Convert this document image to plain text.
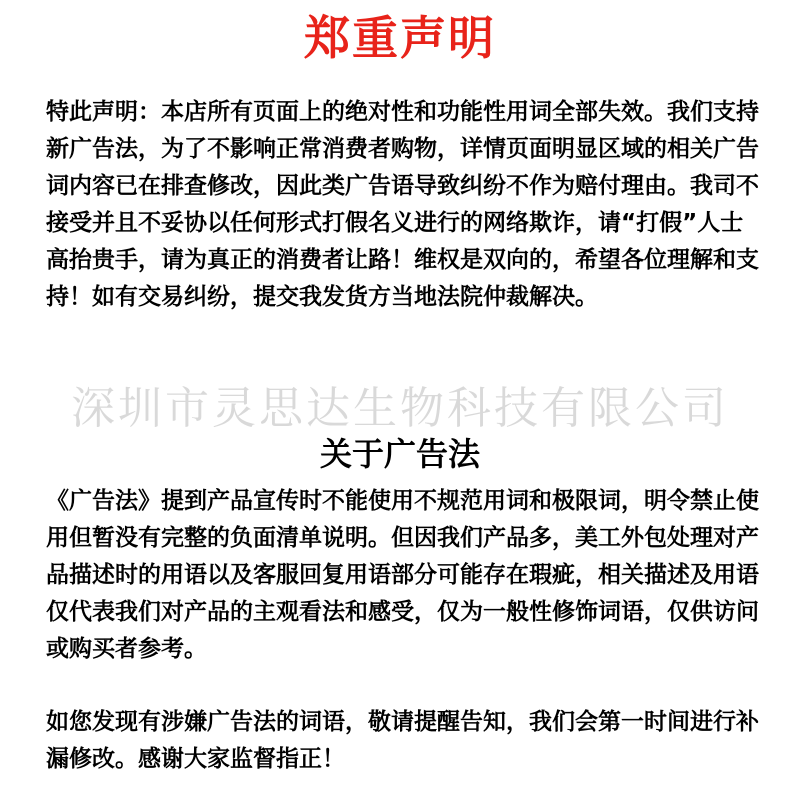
郑重声明

特此声明：本店所有页面上的绝对性和功能性用词全部失效。我们支持新广告法，为了不影响正常消费者购物，详情页面明显区域的相关广告词内容已在排查修改，因此类广告语导致纠纷不作为赔付理由。我司不接受并且不妥协以任何形式打假名义进行的网络欺诈，请“打假”人士高抬贵手，请为真正的消费者让路！维权是双向的，希望各位理解和支持！如有交易纠纷，提交我发货方当地法院仲裁解决。

深圳市灵思达生物科技有限公司
关于广告法

《广告法》提到产品宣传时不能使用不规范用词和极限词，明令禁止使用但暂没有完整的负面清单说明。但因我们产品多，美工外包处理对产品描述时的用语以及客服回复用语部分可能存在瑕疵，相关描述及用语仅代表我们对产品的主观看法和感受，仅为一般性修饰词语，仅供访问或购买者参考。

如您发现有涉嫌广告法的词语，敬请提醒告知，我们会第一时间进行补漏修改。感谢大家监督指正！
